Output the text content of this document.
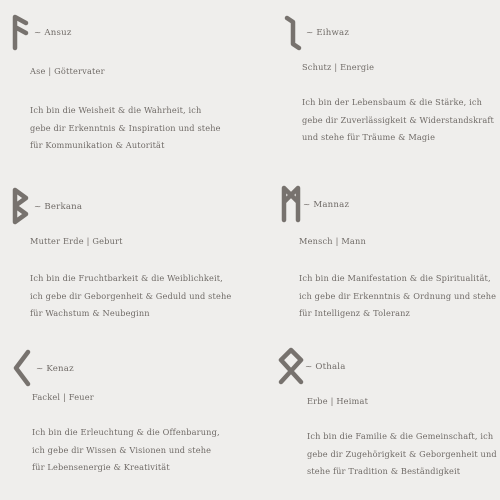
~ Ansuz
Ase | Göttervater
Ich bin die Weisheit & die Wahrheit, ich
gebe dir Erkenntnis & Inspiration und stehe
für Kommunikation & Autorität
~ Eihwaz
Schutz | Energie
Ich bin der Lebensbaum & die Stärke, ich
gebe dir Zuverlässigkeit & Widerstandskraft
und stehe für Träume & Magie
~ Berkana
Mutter Erde | Geburt
Ich bin die Fruchtbarkeit & die Weiblichkeit,
ich gebe dir Geborgenheit & Geduld und stehe
für Wachstum & Neubeginn
~ Mannaz
Mensch | Mann
Ich bin die Manifestation & die Spiritualität,
ich gebe dir Erkenntnis & Ordnung und stehe
für Intelligenz & Toleranz
~ Kenaz
Fackel | Feuer
Ich bin die Erleuchtung & die Offenbarung,
ich gebe dir Wissen & Visionen und stehe
für Lebensenergie & Kreativität
~ Othala
Erbe | Heimat
Ich bin die Familie & die Gemeinschaft, ich
gebe dir Zugehörigkeit & Geborgenheit und
stehe für Tradition & Beständigkeit
